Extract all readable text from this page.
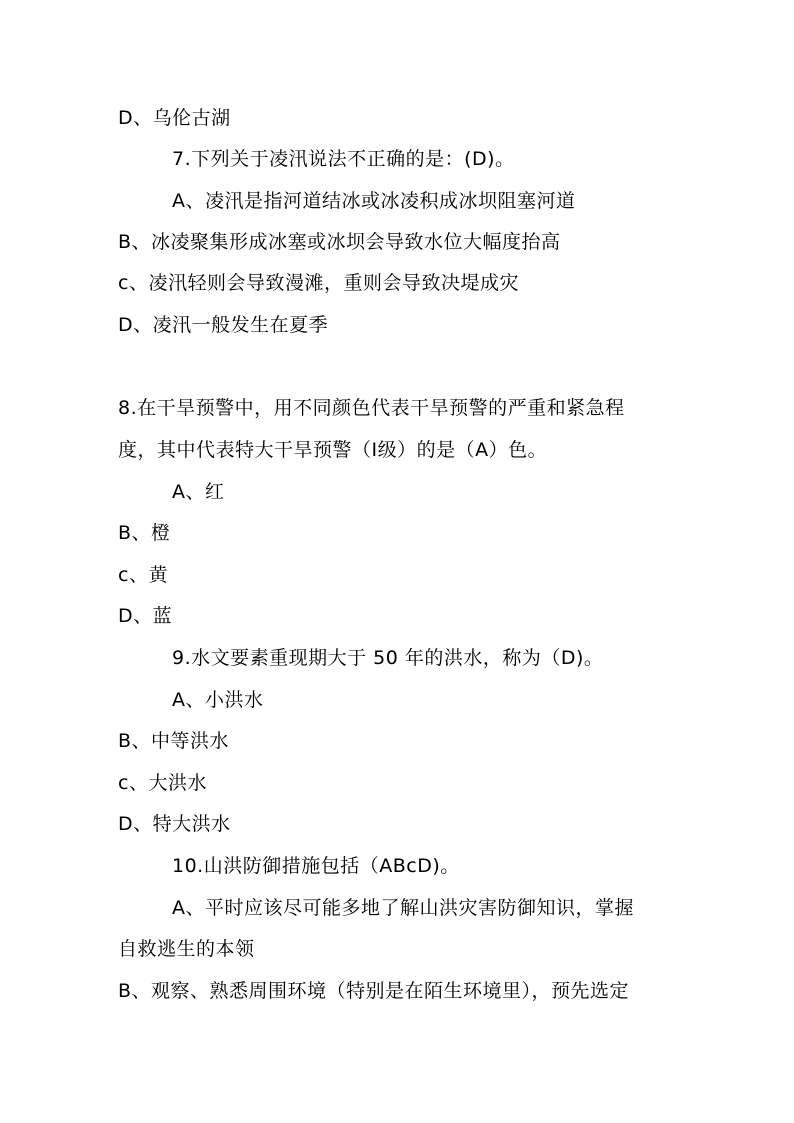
D、乌伦古湖
7.下列关于凌汛说法不正确的是：(D)。
A、凌汛是指河道结冰或冰凌积成冰坝阻塞河道
B、冰凌聚集形成冰塞或冰坝会导致水位大幅度抬高
c、凌汛轻则会导致漫滩，重则会导致决堤成灾
D、凌汛一般发生在夏季
8.在干旱预警中，用不同颜色代表干旱预警的严重和紧急程
度，其中代表特大干旱预警（Ⅰ级）的是（A）色。
A、红
B、橙
c、黄
D、蓝
9.水文要素重现期大于 50 年的洪水，称为（D)。
A、小洪水
B、中等洪水
c、大洪水
D、特大洪水
10.山洪防御措施包括（ABcD)。
A、平时应该尽可能多地了解山洪灾害防御知识，掌握
自救逃生的本领
B、观察、熟悉周围环境（特别是在陌生环境里），预先选定
